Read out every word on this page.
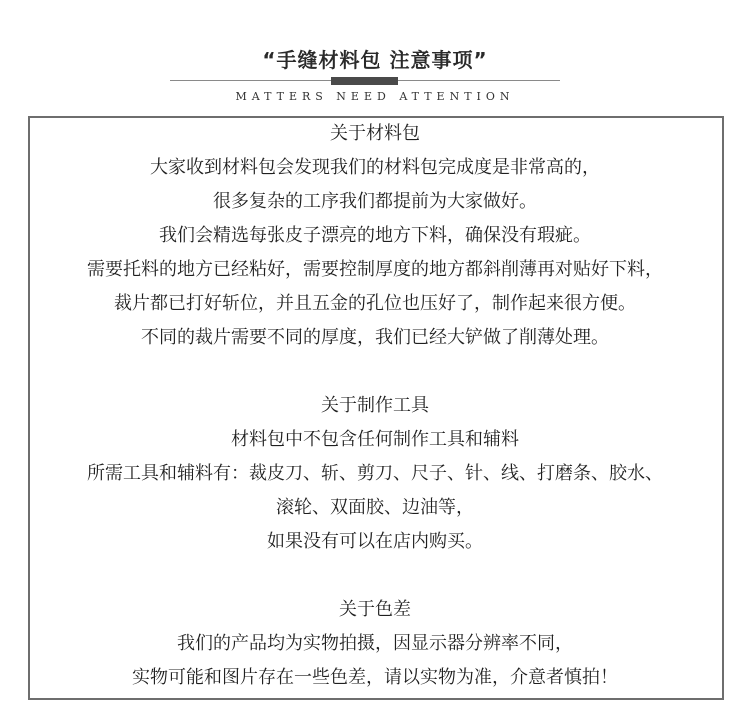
“手缝材料包 注意事项”
MATTERS NEED ATTENTION
关于材料包
大家收到材料包会发现我们的材料包完成度是非常高的，
很多复杂的工序我们都提前为大家做好。
我们会精选每张皮子漂亮的地方下料，确保没有瑕疵。
需要托料的地方已经粘好，需要控制厚度的地方都斜削薄再对贴好下料，
裁片都已打好斩位，并且五金的孔位也压好了，制作起来很方便。
不同的裁片需要不同的厚度，我们已经大铲做了削薄处理。
关于制作工具
材料包中不包含任何制作工具和辅料
所需工具和辅料有：裁皮刀、斩、剪刀、尺子、针、线、打磨条、胶水、
滚轮、双面胶、边油等，
如果没有可以在店内购买。
关于色差
我们的产品均为实物拍摄，因显示器分辨率不同，
实物可能和图片存在一些色差，请以实物为准，介意者慎拍！
